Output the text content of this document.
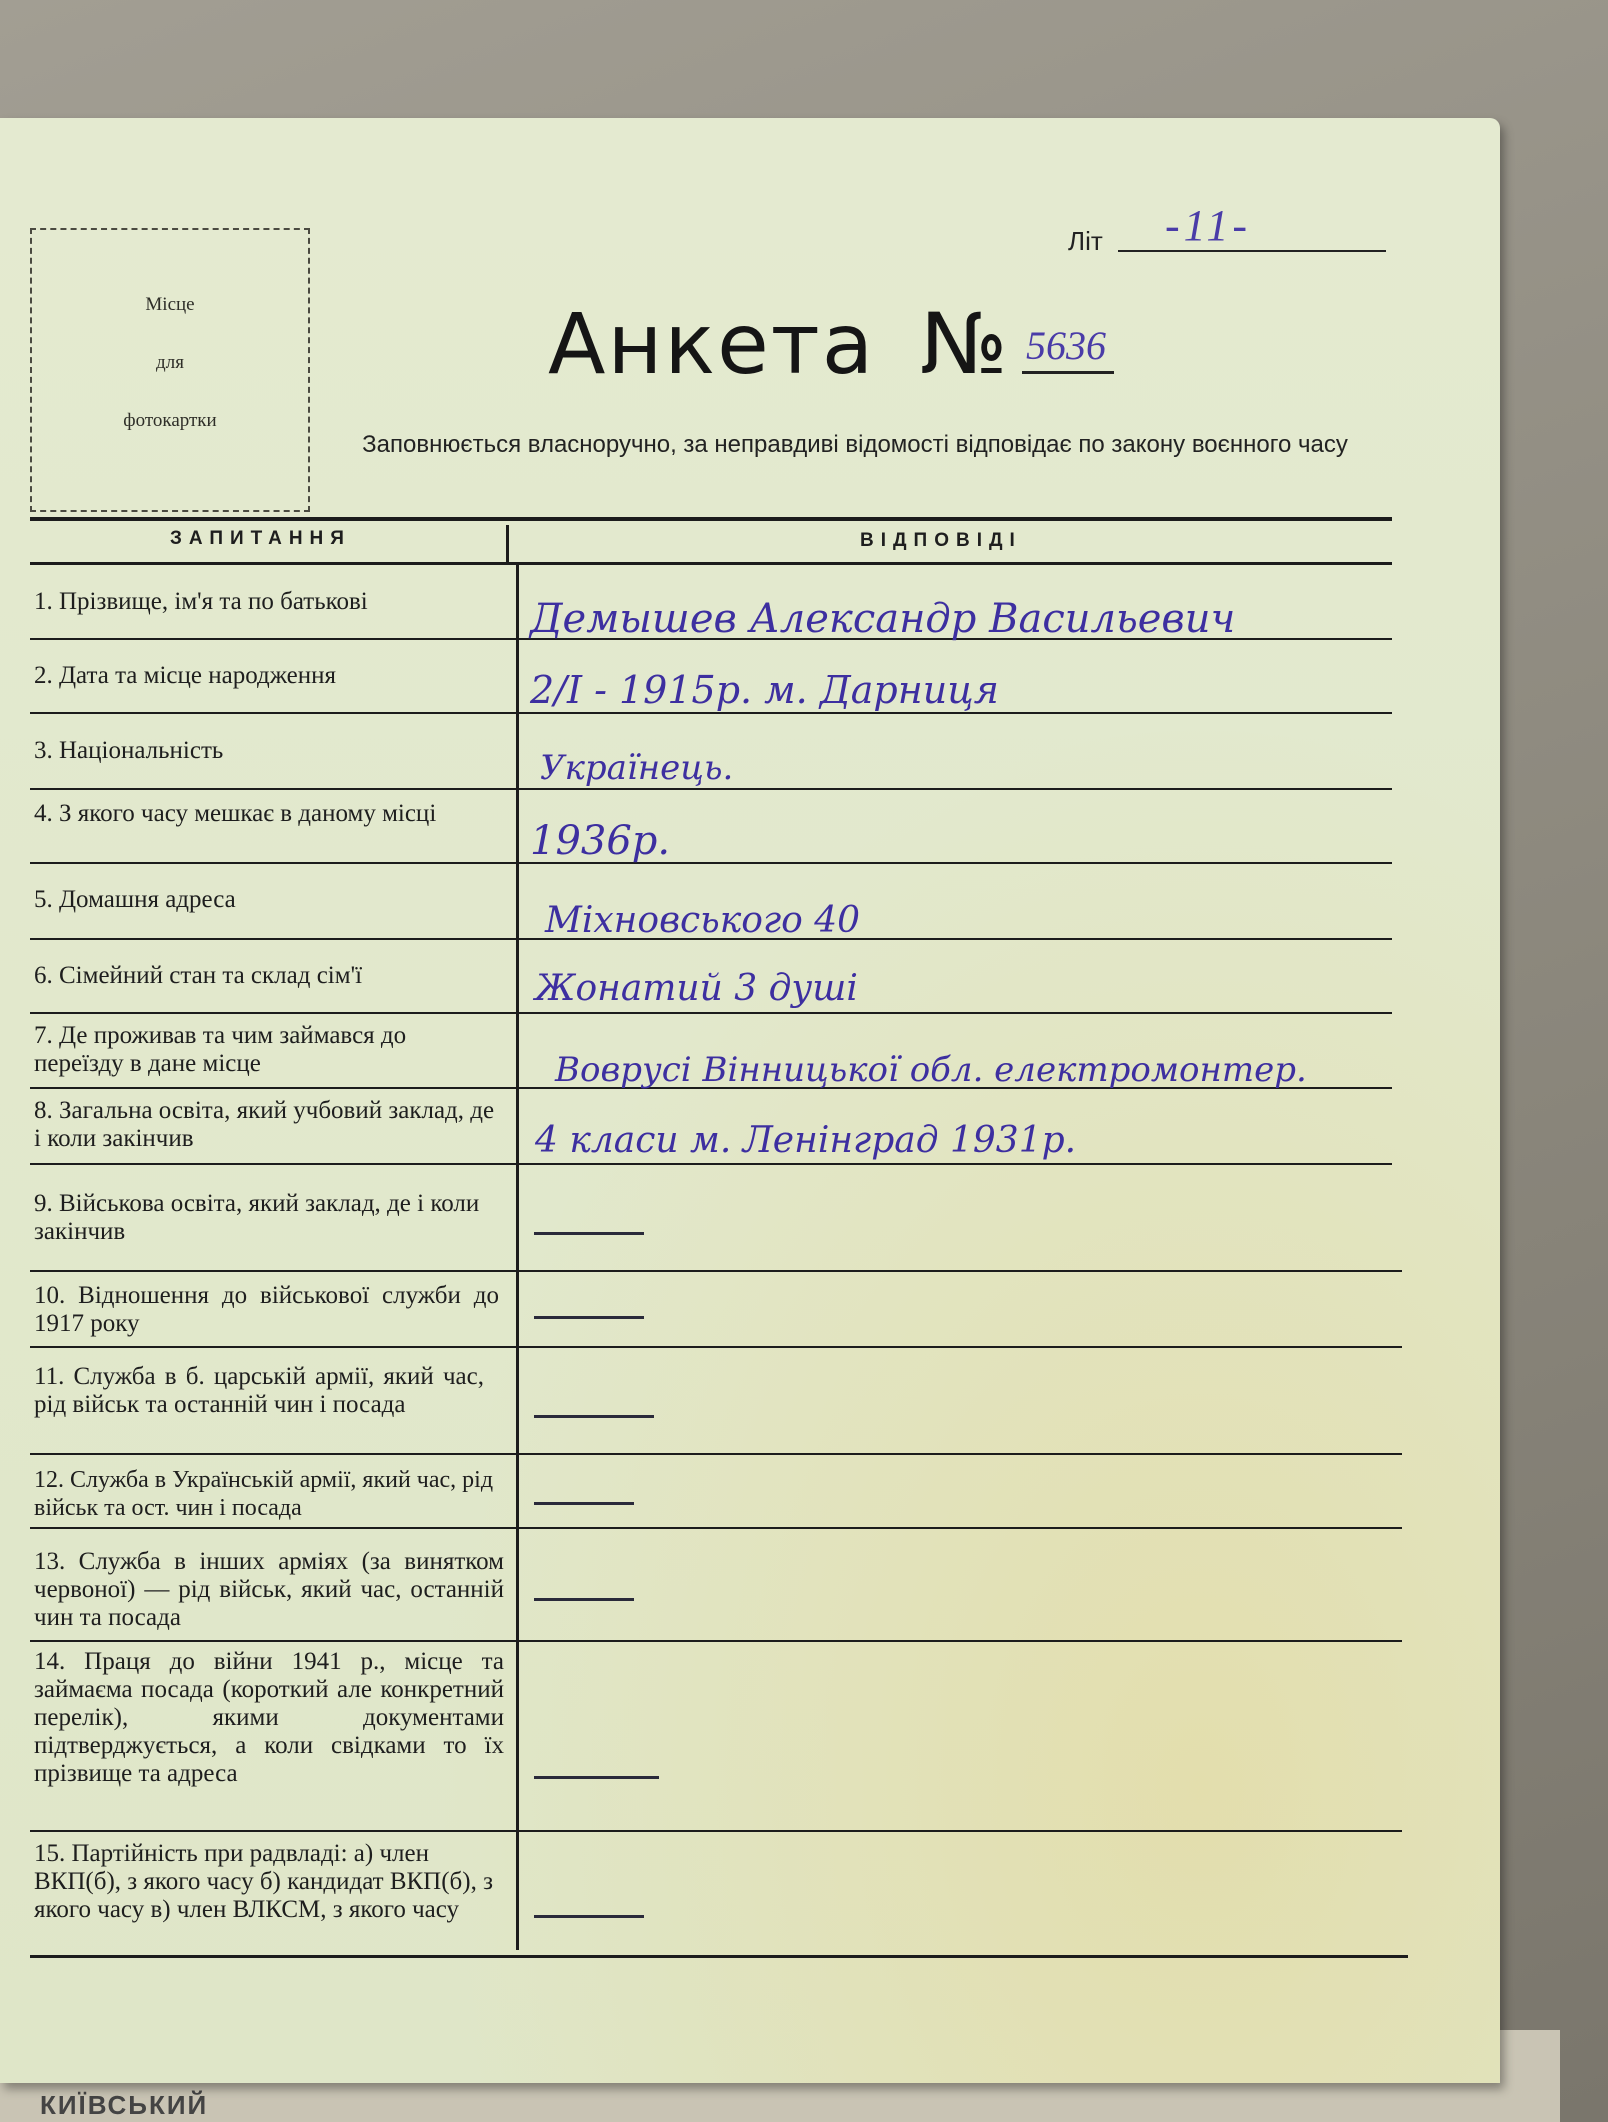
КИЇВСЬКИЙ
Місце
для
фотокартки
Літ -11-
Анкета № 5636
Заповнюється власноручно, за неправдиві відомості відповідає по закону воєнного часу
ЗАПИТАННЯ	ВІДПОВІДІ
1. Прізвище, ім'я та по батькові
2. Дата та місце народження
3. Національність
4. З якого часу мешкає в даному місці
5. Домашня адреса
6. Сімейний стан та склад сім'ї
7. Де проживав та чим займався до переїзду в дане місце
8. Загальна освіта, який учбовий заклад, де і коли закінчив
9. Військова освіта, який заклад, де і коли закінчив
10. Відношення до військової служби до 1917 року
11. Служба в б. царській армії, який час, рід військ та останній чин і посада
12. Служба в Українській армії, який час, рід військ та ост. чин і посада
13. Служба в інших арміях (за винятком червоної) — рід військ, який час, останній чин та посада
14. Праця до війни 1941 р., місце та займаєма посада (короткий але конкретний перелік), якими документами підтверджується, а коли свідками то їх прізвище та адреса
15. Партійність при радвладі: а) член ВКП(б), з якого часу б) кандидат ВКП(б), з якого часу в) член ВЛКСМ, з якого часу
Демышев Александр Васильевич
2/І - 1915р. м. Дарниця
Українець.
1936р.
Міхновського 40
Жонатий 3 душі
Воврусі Вінницької обл. електромонтер.
4 класи м. Ленінград 1931р.
